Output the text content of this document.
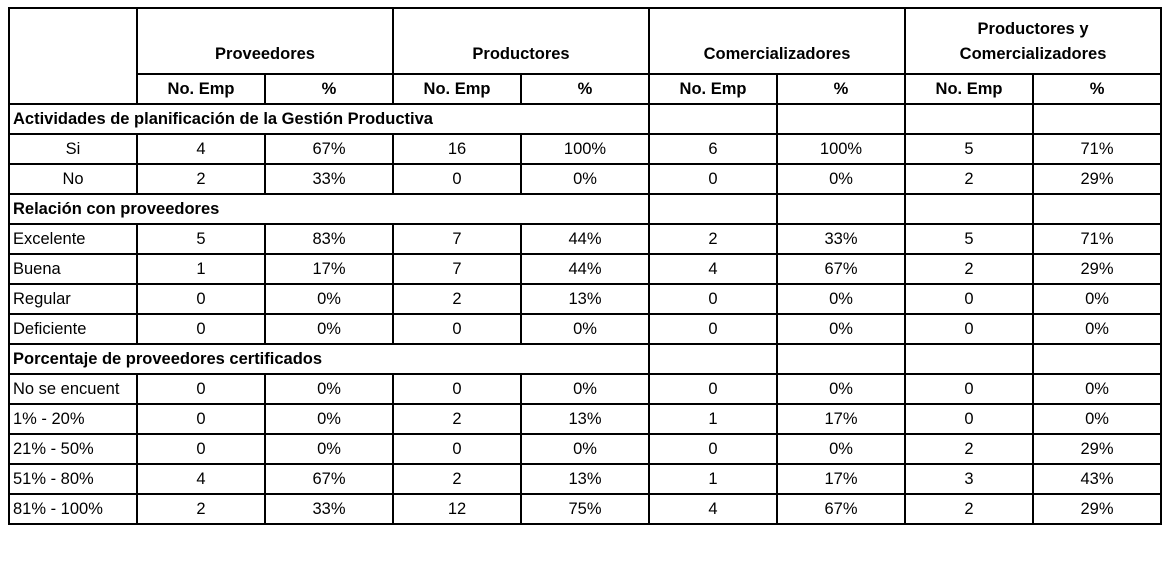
	Proveedores		Productores		Comercializadores		Productores y Comercializadores	
	No. Emp	%	No. Emp	%	No. Emp	%	No. Emp	%
Actividades de planificación de la Gestión Productiva								
Si	4	67%	16	100%	6	100%	5	71%
No	2	33%	0	0%	0	0%	2	29%
Relación con proveedores								
Excelente	5	83%	7	44%	2	33%	5	71%
Buena	1	17%	7	44%	4	67%	2	29%
Regular	0	0%	2	13%	0	0%	0	0%
Deficiente	0	0%	0	0%	0	0%	0	0%
Porcentaje de proveedores certificados								
No se encuent	0	0%	0	0%	0	0%	0	0%
1% - 20%	0	0%	2	13%	1	17%	0	0%
21% - 50%	0	0%	0	0%	0	0%	2	29%
51% - 80%	4	67%	2	13%	1	17%	3	43%
81% - 100%	2	33%	12	75%	4	67%	2	29%
